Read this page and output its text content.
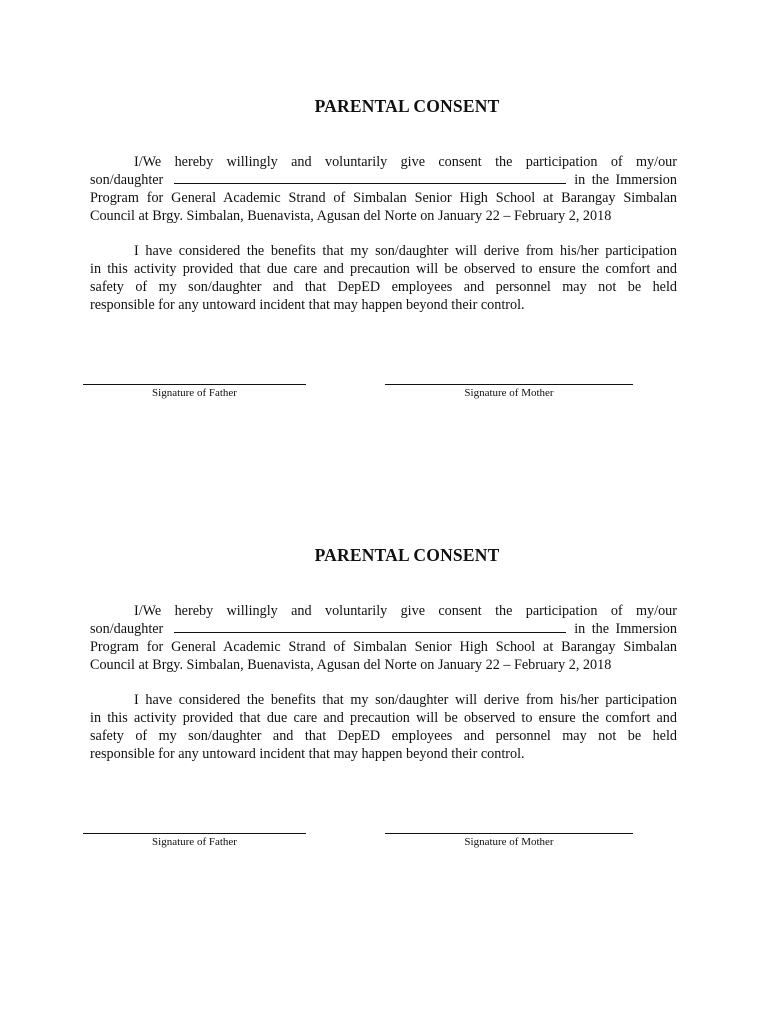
PARENTAL CONSENT
I/We hereby willingly and voluntarily give consent the participation of my/our
son/daughter	in the Immersion
Program for General Academic Strand of Simbalan Senior High School at Barangay Simbalan
Council at Brgy. Simbalan, Buenavista, Agusan del Norte on January 22 – February 2, 2018
I have considered the benefits that my son/daughter will derive from his/her participation
in this activity provided that due care and precaution will be observed to ensure the comfort and
safety of my son/daughter and that DepED employees and personnel may not be held
responsible for any untoward incident that may happen beyond their control.
Signature of Father	Signature of Mother
PARENTAL CONSENT
I/We hereby willingly and voluntarily give consent the participation of my/our
son/daughter	in the Immersion
Program for General Academic Strand of Simbalan Senior High School at Barangay Simbalan
Council at Brgy. Simbalan, Buenavista, Agusan del Norte on January 22 – February 2, 2018
I have considered the benefits that my son/daughter will derive from his/her participation
in this activity provided that due care and precaution will be observed to ensure the comfort and
safety of my son/daughter and that DepED employees and personnel may not be held
responsible for any untoward incident that may happen beyond their control.
Signature of Father	Signature of Mother
